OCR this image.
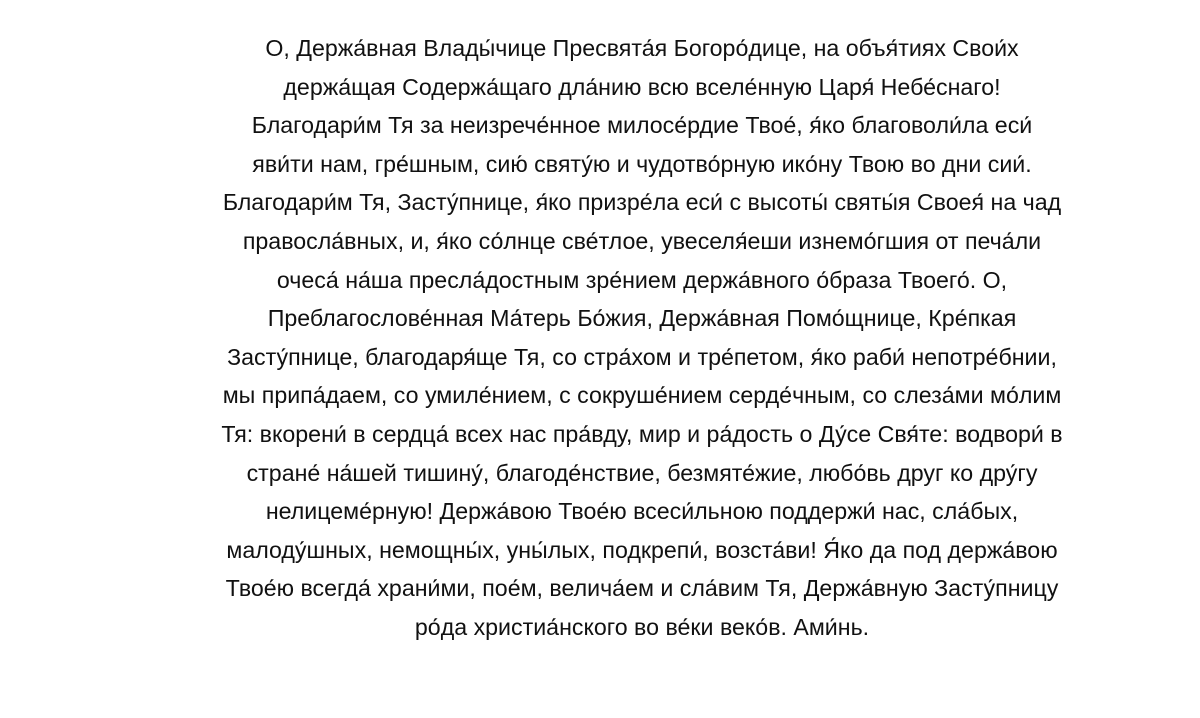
О, Держа́вная Влады́чице Пресвята́я Богоро́дице, на объя́тиях Свои́х
держа́щая Содержа́щаго дла́нию всю вселе́нную Царя́ Небе́снаго!
Благодари́м Тя за неизрече́нное милосе́рдие Твое́, я́ко благоволи́ла еси́
яви́ти нам, гре́шным, сию́ святу́ю и чудотво́рную ико́ну Твою во дни сии́.
Благодари́м Тя, Засту́пнице, я́ко призре́ла еси́ с высоты́ святы́я Своея́ на чад
правосла́вных, и, я́ко со́лнце све́тлое, увеселя́еши изнемо́гшия от печа́ли
очеса́ на́ша пресла́достным зре́нием держа́вного о́браза Твоего́. О,
Преблагослове́нная Ма́терь Бо́жия, Держа́вная Помо́щнице, Кре́пкая
Засту́пнице, благодаря́ще Тя, со стра́хом и тре́петом, я́ко раби́ непотре́бнии,
мы припа́даем, со умиле́нием, с сокруше́нием серде́чным, со слеза́ми мо́лим
Тя: вкорени́ в сердца́ всех нас пра́вду, мир и ра́дость о Ду́се Свя́те: водвори́ в
стране́ на́шей тишину́, благоде́нствие, безмяте́жие, любо́вь друг ко дру́гу
нелицеме́рную! Держа́вою Твое́ю всеси́льною поддержи́ нас, сла́бых,
малоду́шных, немощны́х, уны́лых, подкрепи́, возста́ви! Я́ко да под держа́вою
Твое́ю всегда́ храни́ми, пое́м, велича́ем и сла́вим Тя, Держа́вную Засту́пницу
ро́да христиа́нского во ве́ки веко́в. Ами́нь.
